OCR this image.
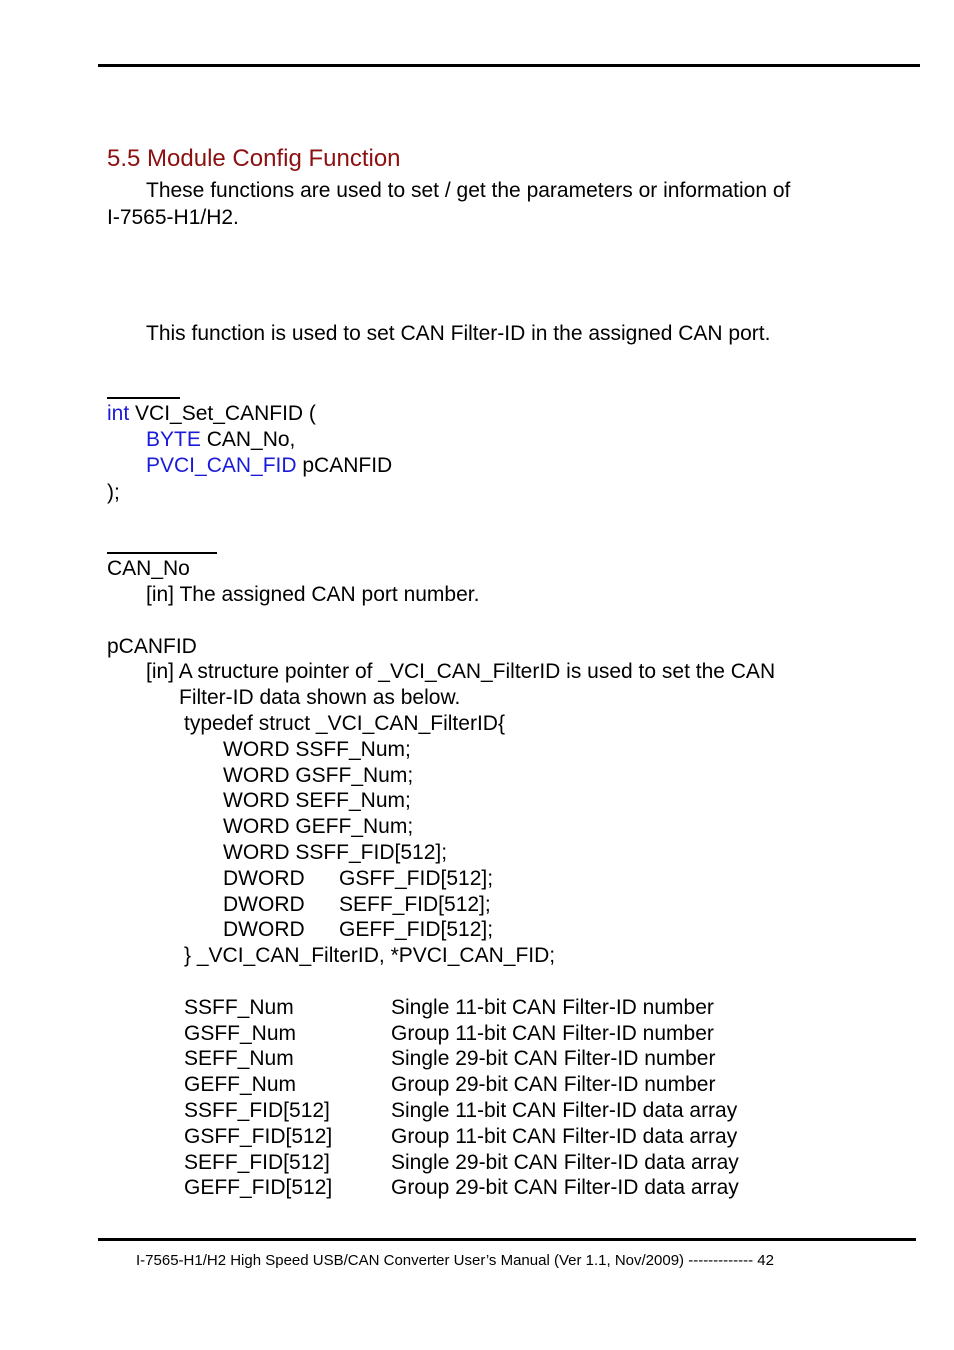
5.5 Module Config Function
These functions are used to set / get the parameters or information of
I-7565-H1/H2.
This function is used to set CAN Filter-ID in the assigned CAN port.
int VCI_Set_CANFID (
BYTE CAN_No,
PVCI_CAN_FID pCANFID
);
CAN_No
[in] The assigned CAN port number.
pCANFID
[in] A structure pointer of _VCI_CAN_FilterID is used to set the CAN
Filter-ID data shown as below.
typedef struct _VCI_CAN_FilterID{
WORD SSFF_Num;
WORD GSFF_Num;
WORD SEFF_Num;
WORD GEFF_Num;
WORD SSFF_FID[512];
DWORD GSFF_FID[512];
DWORD SEFF_FID[512];
DWORD GEFF_FID[512];
} _VCI_CAN_FilterID, *PVCI_CAN_FID;
SSFF_Num	Single 11-bit CAN Filter-ID number
GSFF_Num	Group 11-bit CAN Filter-ID number
SEFF_Num	Single 29-bit CAN Filter-ID number
GEFF_Num	Group 29-bit CAN Filter-ID number
SSFF_FID[512]	Single 11-bit CAN Filter-ID data array
GSFF_FID[512]	Group 11-bit CAN Filter-ID data array
SEFF_FID[512]	Single 29-bit CAN Filter-ID data array
GEFF_FID[512]	Group 29-bit CAN Filter-ID data array
I-7565-H1/H2 High Speed USB/CAN Converter User’s Manual (Ver 1.1, Nov/2009) ------------- 42
